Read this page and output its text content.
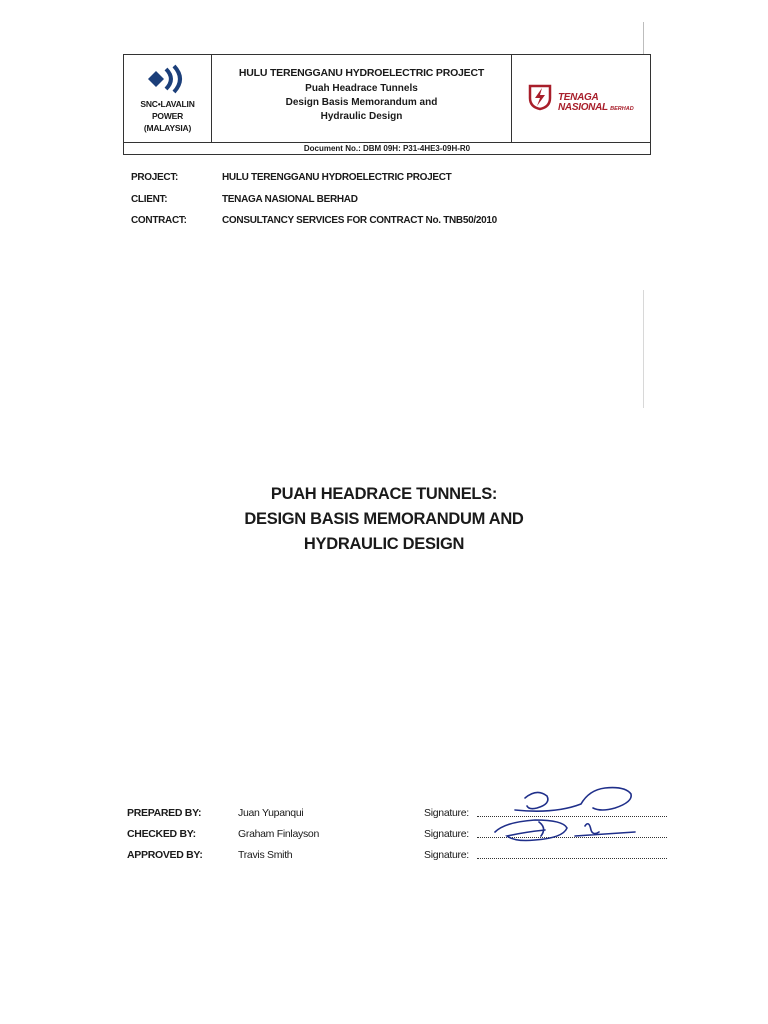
SNC•LAVALIN
POWER
(MALAYSIA)
HULU TERENGGANU HYDROELECTRIC PROJECT
Puah Headrace Tunnels
Design Basis Memorandum and
Hydraulic Design
TENAGA
NASIONAL BERHAD
Document No.: DBM 09H: P31-4HE3-09H-R0
PROJECT:	HULU TERENGGANU HYDROELECTRIC PROJECT
CLIENT:	TENAGA NASIONAL BERHAD
CONTRACT:	CONSULTANCY SERVICES FOR CONTRACT No. TNB50/2010
PUAH HEADRACE TUNNELS:
DESIGN BASIS MEMORANDUM AND
HYDRAULIC DESIGN
PREPARED BY:	Juan Yupanqui	Signature:
CHECKED BY:	Graham Finlayson	Signature:
APPROVED BY:	Travis Smith	Signature:
